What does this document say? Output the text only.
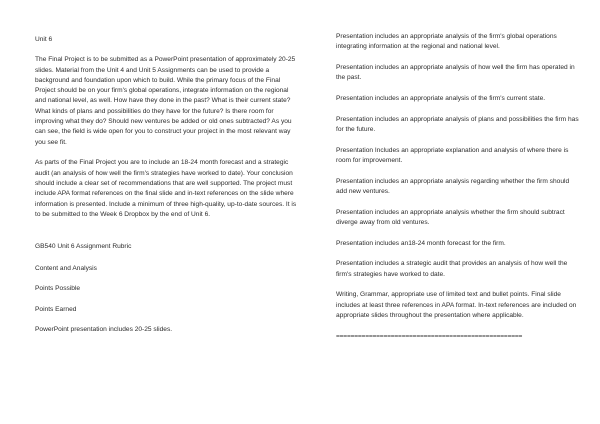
Unit 6

The Final Project is to be submitted as a PowerPoint presentation of approximately 20-25 slides. Material from the Unit 4 and Unit 5 Assignments can be used to provide a background and foundation upon which to build. While the primary focus of the Final Project should be on your firm's global operations, integrate information on the regional and national level, as well. How have they done in the past? What is their current state? What kinds of plans and possibilities do they have for the future? Is there room for improving what they do? Should new ventures be added or old ones subtracted? As you can see, the field is wide open for you to construct your project in the most relevant way you see fit.

As parts of the Final Project you are to include an 18-24 month forecast and a strategic audit (an analysis of how well the firm's strategies have worked to date). Your conclusion should include a clear set of recommendations that are well supported. The project must include APA format references on the final slide and in-text references on the slide where information is presented. Include a minimum of three high-quality, up-to-date sources. It is to be submitted to the Week 6 Dropbox by the end of Unit 6.

GB540 Unit 6 Assignment Rubric

Content and Analysis

Points Possible

Points Earned

PowerPoint presentation includes 20-25 slides.

Presentation includes an appropriate analysis of the firm's global operations integrating information at the regional and national level.

Presentation includes an appropriate analysis of how well the firm has operated in the past.

Presentation includes an appropriate analysis of the firm's current state.

Presentation includes an appropriate analysis of plans and possibilities the firm has for the future.

Presentation Includes an appropriate explanation and analysis of where there is room for improvement.

Presentation includes an appropriate analysis regarding whether the firm should add new ventures.

Presentation includes an appropriate analysis whether the firm should subtract diverge away from old ventures.

Presentation includes an18-24 month forecast for the firm.

Presentation includes a strategic audit that provides an analysis of how well the firm's strategies have worked to date.

Writing, Grammar, appropriate use of limited text and bullet points. Final slide includes at least three references in APA format. In-text references are included on appropriate slides throughout the presentation where applicable.

===================================================
